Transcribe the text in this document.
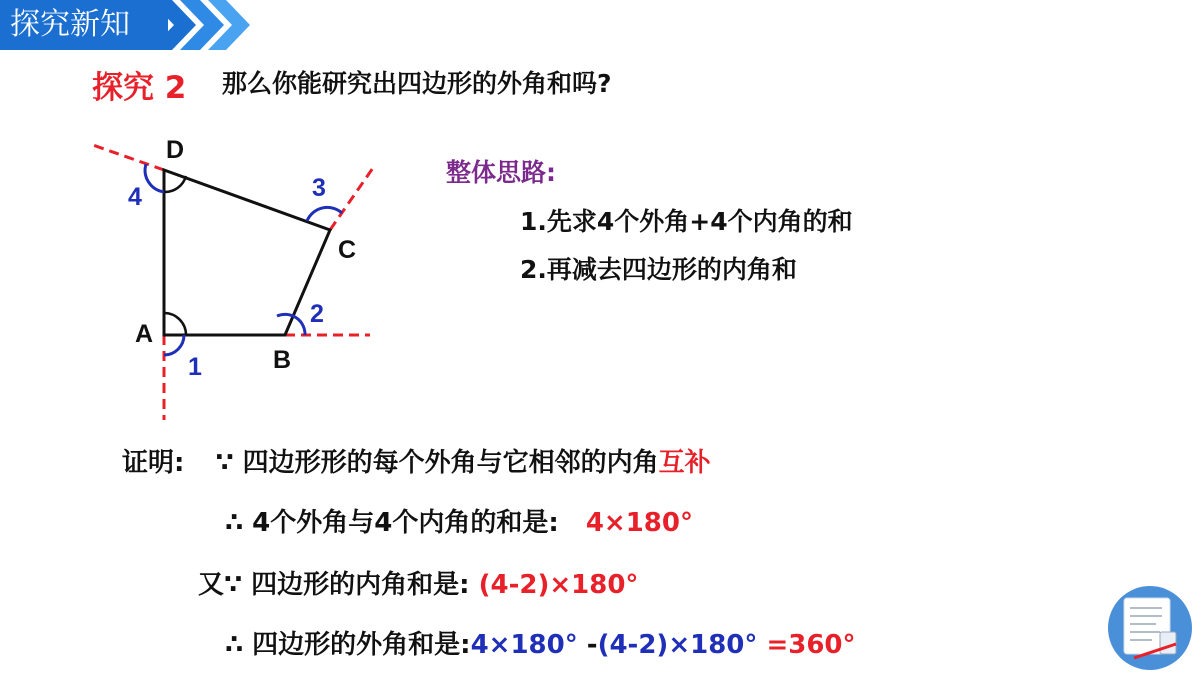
探究新知
探究 2 那么你能研究出四边形的外角和吗?
A
B
C
D
1
2
3
4
整体思路:
1.先求4个外角+4个内角的和
2.再减去四边形的内角和
证明: ∵ 四边形形的每个外角与它相邻的内角互补
∴ 4个外角与4个内角的和是: 4×180°
又∵ 四边形的内角和是: (4-2)×180°
∴ 四边形的外角和是:4×180° -(4-2)×180° =360°
